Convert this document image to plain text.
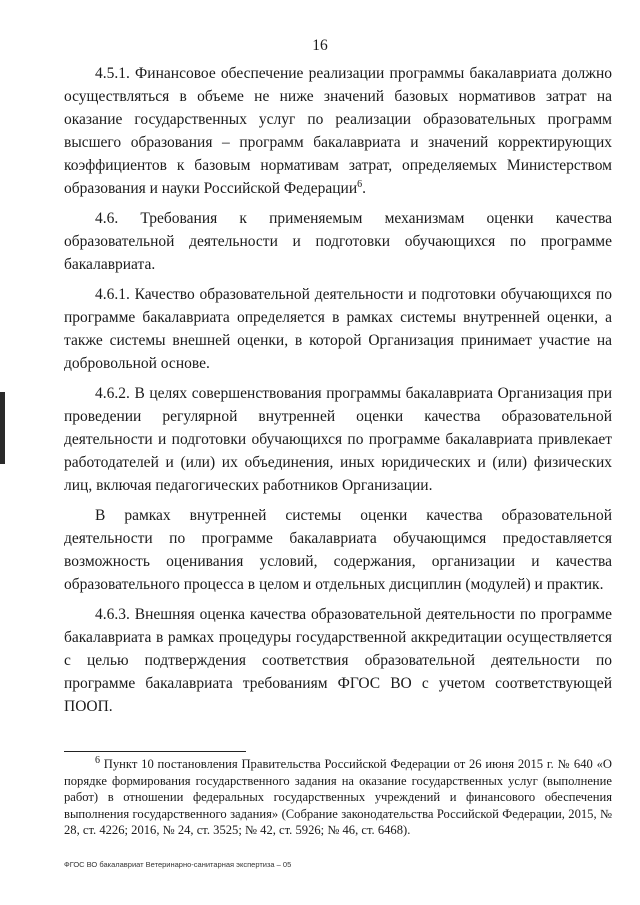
16

4.5.1. Финансовое обеспечение реализации программы бакалавриата должно осуществляться в объеме не ниже значений базовых нормативов затрат на оказание государственных услуг по реализации образовательных программ высшего образования – программ бакалавриата и значений корректирующих коэффициентов к базовым нормативам затрат, определяемых Министерством образования и науки Российской Федерации$^6$.

4.6. Требования к применяемым механизмам оценки качества образовательной деятельности и подготовки обучающихся по программе бакалавриата.

4.6.1. Качество образовательной деятельности и подготовки обучающихся по программе бакалавриата определяется в рамках системы внутренней оценки, а также системы внешней оценки, в которой Организация принимает участие на добровольной основе.

4.6.2. В целях совершенствования программы бакалавриата Организация при проведении регулярной внутренней оценки качества образовательной деятельности и подготовки обучающихся по программе бакалавриата привлекает работодателей и (или) их объединения, иных юридических и (или) физических лиц, включая педагогических работников Организации.

В рамках внутренней системы оценки качества образовательной деятельности по программе бакалавриата обучающимся предоставляется возможность оценивания условий, содержания, организации и качества образовательного процесса в целом и отдельных дисциплин (модулей) и практик.

4.6.3. Внешняя оценка качества образовательной деятельности по программе бакалавриата в рамках процедуры государственной аккредитации осуществляется с целью подтверждения соответствия образовательной деятельности по программе бакалавриата требованиям ФГОС ВО с учетом соответствующей ПООП.

$^6$ Пункт 10 постановления Правительства Российской Федерации от 26 июня 2015 г. № 640 «О порядке формирования государственного задания на оказание государственных услуг (выполнение работ) в отношении федеральных государственных учреждений и финансового обеспечения выполнения государственного задания» (Собрание законодательства Российской Федерации, 2015, № 28, ст. 4226; 2016, № 24, ст. 3525; № 42, ст. 5926; № 46, ст. 6468).

ФГОС ВО бакалавриат Ветеринарно-санитарная экспертиза – 05
